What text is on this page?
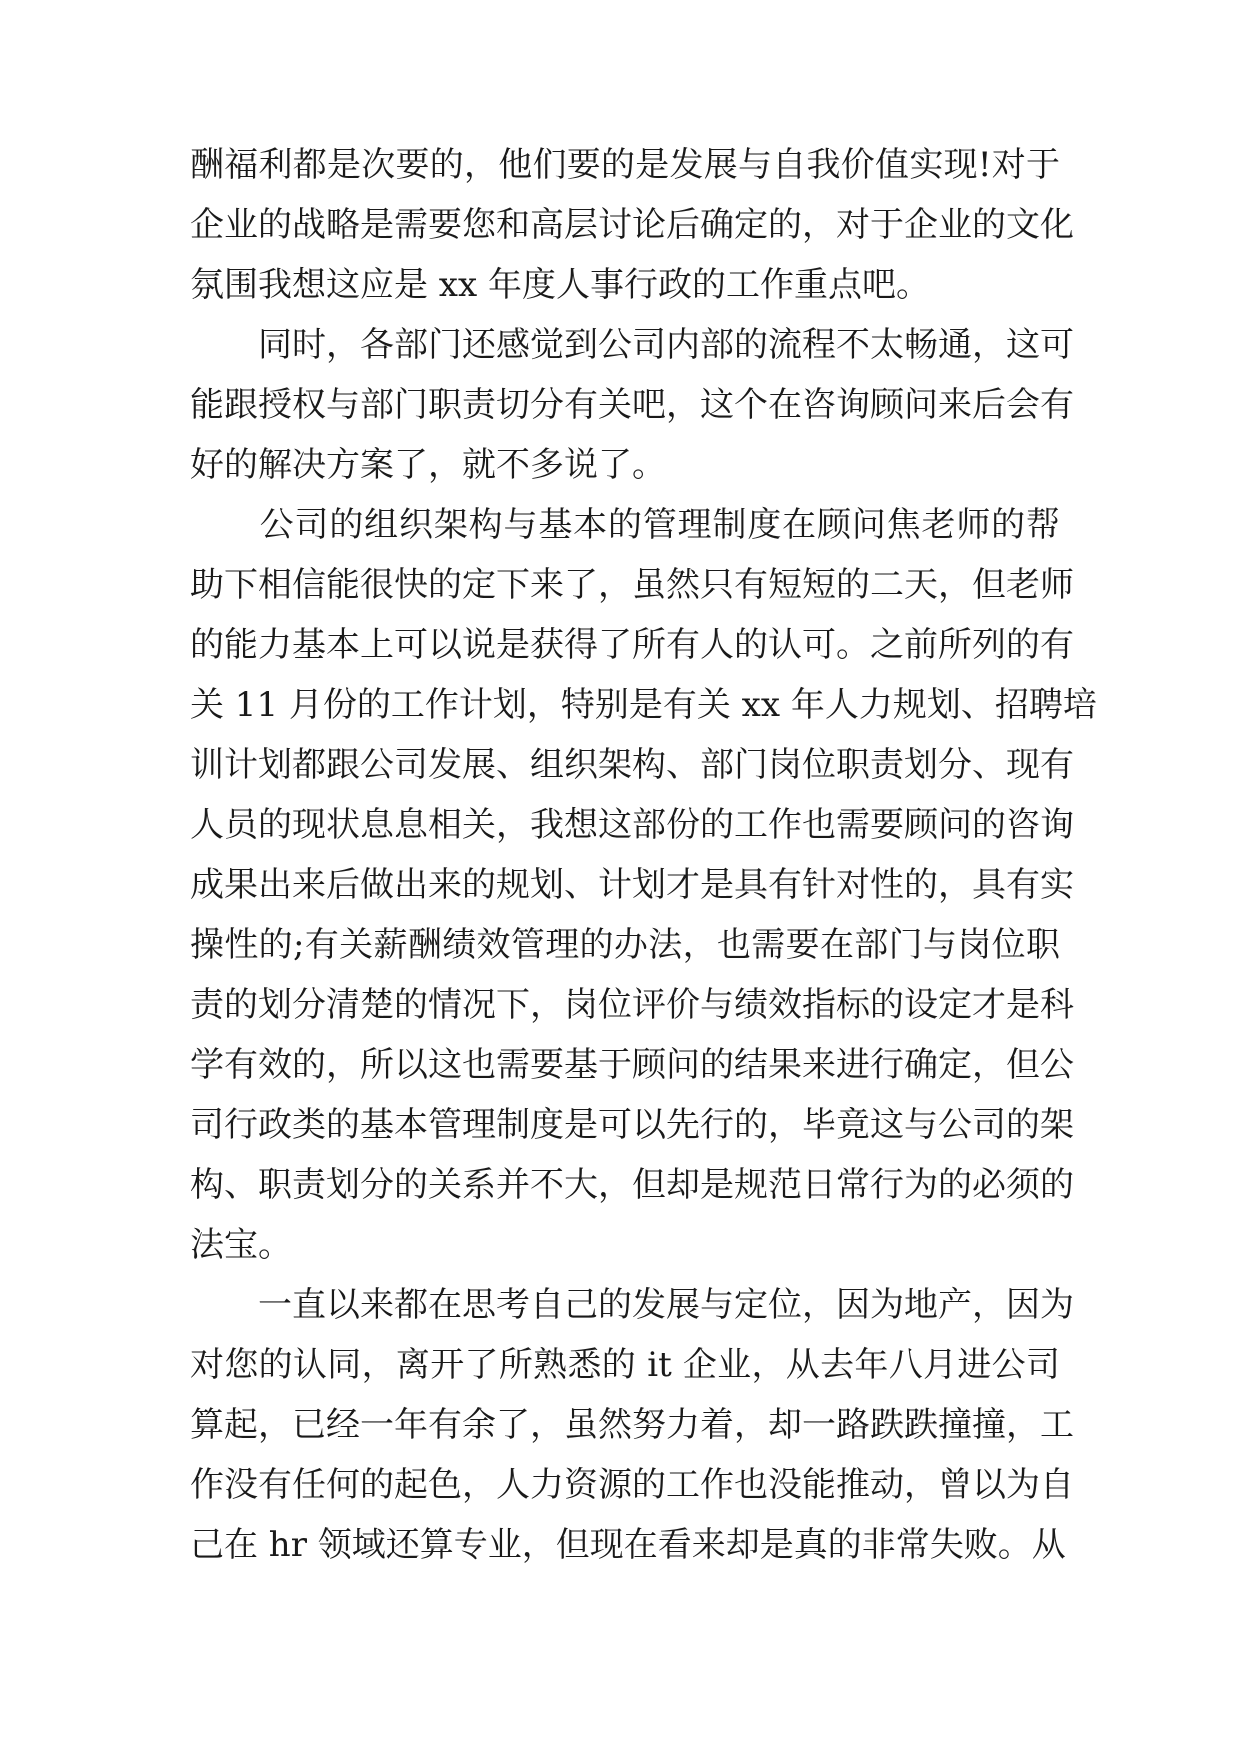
酬福利都是次要的，他们要的是发展与自我价值实现!对于
企业的战略是需要您和高层讨论后确定的，对于企业的文化
氛围我想这应是 xx 年度人事行政的工作重点吧。
　　同时，各部门还感觉到公司内部的流程不太畅通，这可
能跟授权与部门职责切分有关吧，这个在咨询顾问来后会有
好的解决方案了，就不多说了。
　　公司的组织架构与基本的管理制度在顾问焦老师的帮
助下相信能很快的定下来了，虽然只有短短的二天，但老师
的能力基本上可以说是获得了所有人的认可。之前所列的有
关 11 月份的工作计划，特别是有关 xx 年人力规划、招聘培
训计划都跟公司发展、组织架构、部门岗位职责划分、现有
人员的现状息息相关，我想这部份的工作也需要顾问的咨询
成果出来后做出来的规划、计划才是具有针对性的，具有实
操性的;有关薪酬绩效管理的办法，也需要在部门与岗位职
责的划分清楚的情况下，岗位评价与绩效指标的设定才是科
学有效的，所以这也需要基于顾问的结果来进行确定，但公
司行政类的基本管理制度是可以先行的，毕竟这与公司的架
构、职责划分的关系并不大，但却是规范日常行为的必须的
法宝。
　　一直以来都在思考自己的发展与定位，因为地产，因为
对您的认同，离开了所熟悉的 it 企业，从去年八月进公司
算起，已经一年有余了，虽然努力着，却一路跌跌撞撞，工
作没有任何的起色，人力资源的工作也没能推动，曾以为自
己在 hr 领域还算专业，但现在看来却是真的非常失败。从
